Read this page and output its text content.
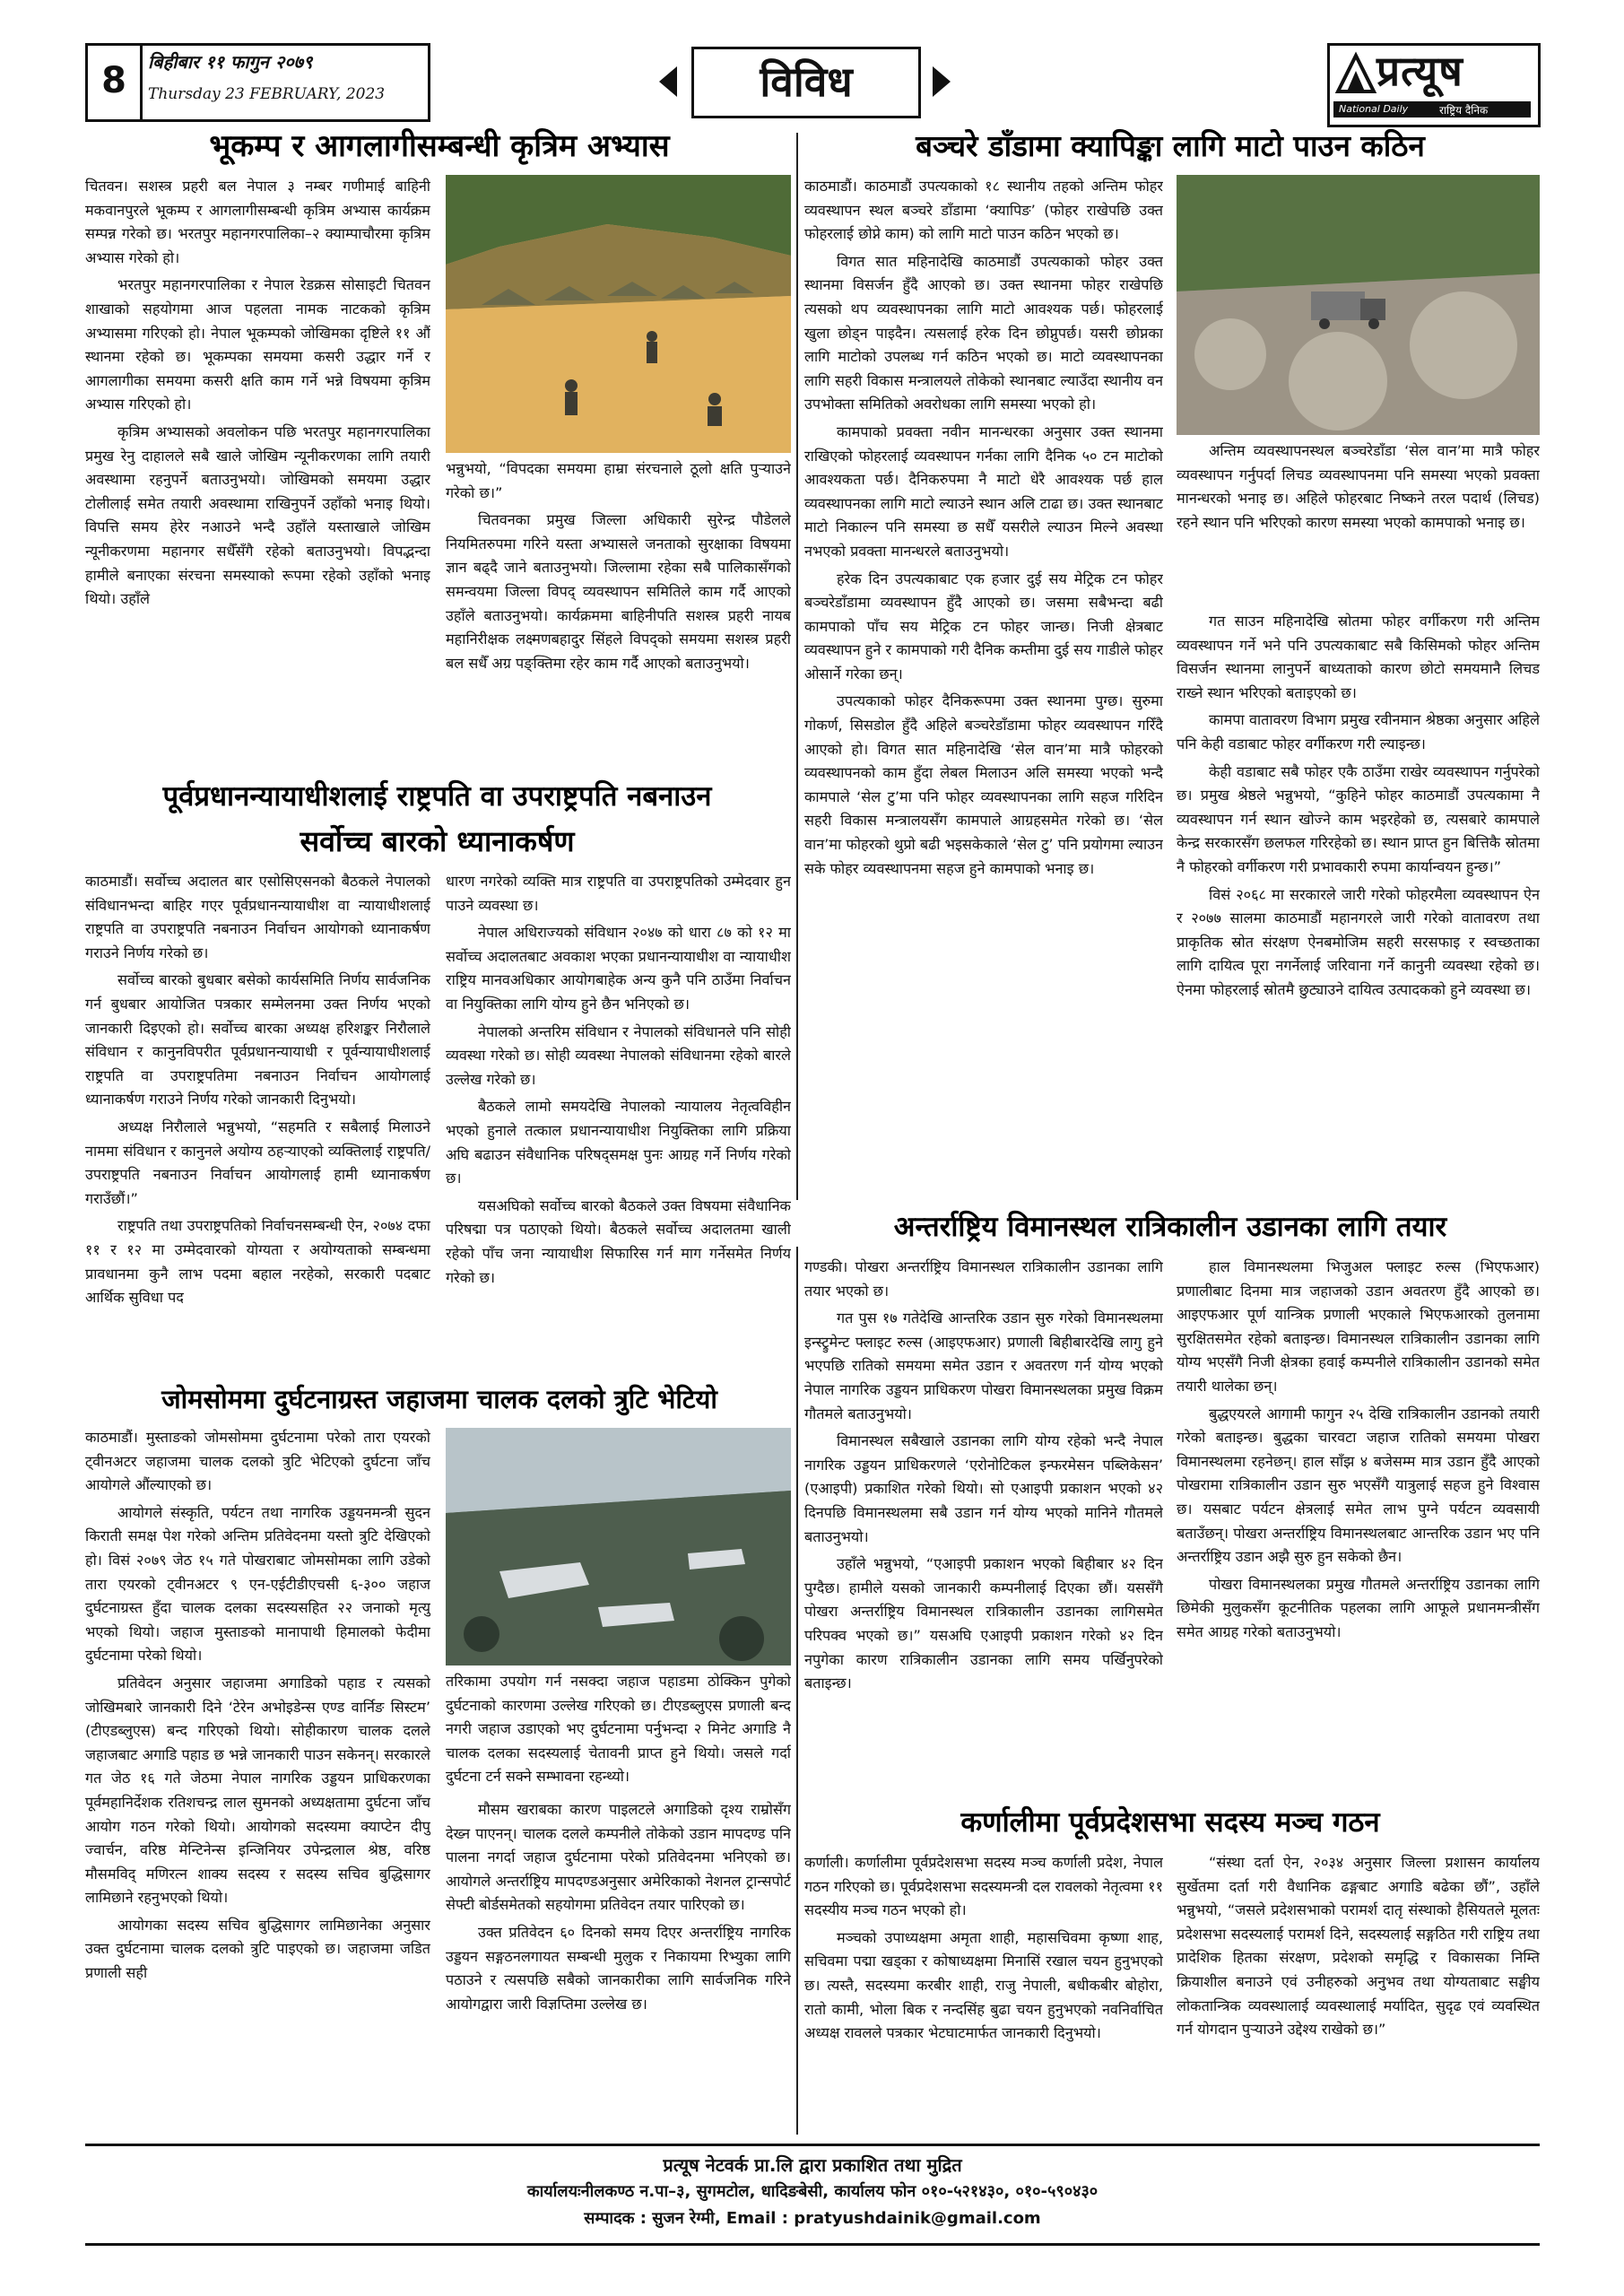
8	बिहीबार ११ फागुन २०७९
Thursday 23 FEBRUARY, 2023	विविध	प्रत्यूष
National Daily	राष्ट्रिय दैनिक
भूकम्प र आगलागीसम्बन्धी कृत्रिम अभ्यास

चितवन। सशस्त्र प्रहरी बल नेपाल ३ नम्बर गणीमाई बाहिनी मकवानपुरले भूकम्प र आगलागीसम्बन्धी कृत्रिम अभ्यास कार्यक्रम सम्पन्न गरेको छ। भरतपुर महानगरपालिका–२ क्याम्पाचौरमा कृत्रिम अभ्यास गरेको हो।

भरतपुर महानगरपालिका र नेपाल रेडक्रस सोसाइटी चितवन शाखाको सहयोगमा आज पहलता नामक नाटकको कृत्रिम अभ्यासमा गरिएको हो। नेपाल भूकम्पको जोखिमका दृष्टिले ११ औं स्थानमा रहेको छ। भूकम्पका समयमा कसरी उद्धार गर्ने र आगलागीका समयमा कसरी क्षति काम गर्ने भन्ने विषयमा कृत्रिम अभ्यास गरिएको हो।

कृत्रिम अभ्यासको अवलोकन पछि भरतपुर महानगरपालिका प्रमुख रेनु दाहालले सबै खाले जोखिम न्यूनीकरणका लागि तयारी अवस्थामा रहनुपर्ने बताउनुभयो। जोखिमको समयमा उद्धार टोलीलाई समेत तयारी अवस्थामा राखिनुपर्ने उहाँको भनाइ थियो। विपत्ति समय हेरेर नआउने भन्दै उहाँले यस्ताखाले जोखिम न्यूनीकरणमा महानगर सधैँसँगै रहेको बताउनुभयो। विपद्भन्दा हामीले बनाएका संरचना समस्याको रूपमा रहेको उहाँको भनाइ थियो। उहाँले

भन्नुभयो, “विपदका समयमा हाम्रा संरचनाले ठूलो क्षति पुऱ्याउने गरेको छ।”

चितवनका प्रमुख जिल्ला अधिकारी सुरेन्द्र पौडेलले नियमितरुपमा गरिने यस्ता अभ्यासले जनताको सुरक्षाका विषयमा ज्ञान बढ्दै जाने बताउनुभयो। जिल्लामा रहेका सबै पालिकासँगको समन्वयमा जिल्ला विपद् व्यवस्थापन समितिले काम गर्दै आएको उहाँले बताउनुभयो। कार्यक्रममा बाहिनीपति सशस्त्र प्रहरी नायब महानिरीक्षक लक्ष्मणबहादुर सिंहले विपद्को समयमा सशस्त्र प्रहरी बल सधैँ अग्र पङ्क्तिमा रहेर काम गर्दै आएको बताउनुभयो।

बञ्चरे डाँडामा क्यापिङ्का लागि माटो पाउन कठिन

काठमाडौं। काठमाडौं उपत्यकाको १८ स्थानीय तहको अन्तिम फोहर व्यवस्थापन स्थल बञ्चरे डाँडामा ‘क्यापिङ’ (फोहर राखेपछि उक्त फोहरलाई छोप्ने काम) को लागि माटो पाउन कठिन भएको छ।

विगत सात महिनादेखि काठमाडौं उपत्यकाको फोहर उक्त स्थानमा विसर्जन हुँदै आएको छ। उक्त स्थानमा फोहर राखेपछि त्यसको थप व्यवस्थापनका लागि माटो आवश्यक पर्छ। फोहरलाई खुला छोड्न पाइदैन। त्यसलाई हरेक दिन छोप्नुपर्छ। यसरी छोप्नका लागि माटोको उपलब्ध गर्न कठिन भएको छ। माटो व्यवस्थापनका लागि सहरी विकास मन्त्रालयले तोकेको स्थानबाट ल्याउँदा स्थानीय वन उपभोक्ता समितिको अवरोधका लागि समस्या भएको हो।

कामपाको प्रवक्ता नवीन मानन्धरका अनुसार उक्त स्थानमा राखिएको फोहरलाई व्यवस्थापन गर्नका लागि दैनिक ५० टन माटोको आवश्यकता पर्छ। दैनिकरुपमा नै माटो धेरै आवश्यक पर्छ हाल व्यवस्थापनका लागि माटो ल्याउने स्थान अलि टाढा छ। उक्त स्थानबाट माटो निकाल्न पनि समस्या छ सधैँ यसरीले ल्याउन मिल्ने अवस्था नभएको प्रवक्ता मानन्धरले बताउनुभयो।

हरेक दिन उपत्यकाबाट एक हजार दुई सय मेट्रिक टन फोहर बञ्चरेडाँडामा व्यवस्थापन हुँदै आएको छ। जसमा सबैभन्दा बढी कामपाको पाँच सय मेट्रिक टन फोहर जान्छ। निजी क्षेत्रबाट व्यवस्थापन हुने र कामपाको गरी दैनिक कम्तीमा दुई सय गाडीले फोहर ओसार्ने गरेका छन्।

उपत्यकाको फोहर दैनिकरूपमा उक्त स्थानमा पुग्छ। सुरुमा गोकर्ण, सिसडोल हुँदै अहिले बञ्चरेडाँडामा फोहर व्यवस्थापन गरिँदै आएको हो। विगत सात महिनादेखि ‘सेल वान’मा मात्रै फोहरको व्यवस्थापनको काम हुँदा लेबल मिलाउन अलि समस्या भएको भन्दै कामपाले ‘सेल टु’मा पनि फोहर व्यवस्थापनका लागि सहज गरिदिन सहरी विकास मन्त्रालयसँग कामपाले आग्रहसमेत गरेको छ। ‘सेल वान’मा फोहरको थुप्रो बढी भइसकेकाले ‘सेल टु’ पनि प्रयोगमा ल्याउन सके फोहर व्यवस्थापनमा सहज हुने कामपाको भनाइ छ।

अन्तिम व्यवस्थापनस्थल बञ्चरेडाँडा ‘सेल वान’मा मात्रै फोहर व्यवस्थापन गर्नुपर्दा लिचड व्यवस्थापनमा पनि समस्या भएको प्रवक्ता मानन्धरको भनाइ छ। अहिले फोहरबाट निष्कने तरल पदार्थ (लिचड) रहने स्थान पनि भरिएको कारण समस्या भएको कामपाको भनाइ छ।

गत साउन महिनादेखि स्रोतमा फोहर वर्गीकरण गरी अन्तिम व्यवस्थापन गर्ने भने पनि उपत्यकाबाट सबै किसिमको फोहर अन्तिम विसर्जन स्थानमा लानुपर्ने बाध्यताको कारण छोटो समयमानै लिचड राख्ने स्थान भरिएको बताइएको छ।

कामपा वातावरण विभाग प्रमुख रवीनमान श्रेष्ठका अनुसार अहिले पनि केही वडाबाट फोहर वर्गीकरण गरी ल्याइन्छ।

केही वडाबाट सबै फोहर एकै ठाउँमा राखेर व्यवस्थापन गर्नुपरेको छ। प्रमुख श्रेष्ठले भन्नुभयो, “कुहिने फोहर काठमाडौं उपत्यकामा नै व्यवस्थापन गर्न स्थान खोज्ने काम भइरहेको छ, त्यसबारे कामपाले केन्द्र सरकारसँग छलफल गरिरहेको छ। स्थान प्राप्त हुन बित्तिकै स्रोतमा नै फोहरको वर्गीकरण गरी प्रभावकारी रुपमा कार्यान्वयन हुन्छ।”

विसं २०६८ मा सरकारले जारी गरेको फोहरमैला व्यवस्थापन ऐन र २०७७ सालमा काठमाडौं महानगरले जारी गरेको वातावरण तथा प्राकृतिक स्रोत संरक्षण ऐनबमोजिम सहरी सरसफाइ र स्वच्छताका लागि दायित्व पूरा नगर्नेलाई जरिवाना गर्ने कानुनी व्यवस्था रहेको छ। ऐनमा फोहरलाई स्रोतमै छुट्याउने दायित्व उत्पादकको हुने व्यवस्था छ।

पूर्वप्रधानन्यायाधीशलाई राष्ट्रपति वा उपराष्ट्रपति नबनाउन
सर्वोच्च बारको ध्यानाकर्षण

काठमाडौं। सर्वोच्च अदालत बार एसोसिएसनको बैठकले नेपालको संविधानभन्दा बाहिर गएर पूर्वप्रधानन्यायाधीश वा न्यायाधीशलाई राष्ट्रपति वा उपराष्ट्रपति नबनाउन निर्वाचन आयोगको ध्यानाकर्षण गराउने निर्णय गरेको छ।

सर्वोच्च बारको बुधबार बसेको कार्यसमिति निर्णय सार्वजनिक गर्न बुधबार आयोजित पत्रकार सम्मेलनमा उक्त निर्णय भएको जानकारी दिइएको हो। सर्वोच्च बारका अध्यक्ष हरिशङ्कर निरौलाले संविधान र कानुनविपरीत पूर्वप्रधानन्यायाधी र पूर्वन्यायाधीशलाई राष्ट्रपति वा उपराष्ट्रपतिमा नबनाउन निर्वाचन आयोगलाई ध्यानाकर्षण गराउने निर्णय गरेको जानकारी दिनुभयो।

अध्यक्ष निरौलाले भन्नुभयो, “सहमति र सबैलाई मिलाउने नाममा संविधान र कानुनले अयोग्य ठहऱ्याएको व्यक्तिलाई राष्ट्रपति/उपराष्ट्रपति नबनाउन निर्वाचन आयोगलाई हामी ध्यानाकर्षण गराउँछौं।”

राष्ट्रपति तथा उपराष्ट्रपतिको निर्वाचनसम्बन्धी ऐन, २०७४ दफा ११ र १२ मा उम्मेदवारको योग्यता र अयोग्यताको सम्बन्धमा प्रावधानमा कुनै लाभ पदमा बहाल नरहेको, सरकारी पदबाट आर्थिक सुविधा पद

धारण नगरेको व्यक्ति मात्र राष्ट्रपति वा उपराष्ट्रपतिको उम्मेदवार हुन पाउने व्यवस्था छ।

नेपाल अधिराज्यको संविधान २०४७ को धारा ८७ को १२ मा सर्वोच्च अदालतबाट अवकाश भएका प्रधानन्यायाधीश वा न्यायाधीश राष्ट्रिय मानवअधिकार आयोगबाहेक अन्य कुनै पनि ठाउँमा निर्वाचन वा नियुक्तिका लागि योग्य हुने छैन भनिएको छ।

नेपालको अन्तरिम संविधान र नेपालको संविधानले पनि सोही व्यवस्था गरेको छ। सोही व्यवस्था नेपालको संविधानमा रहेको बारले उल्लेख गरेको छ।

बैठकले लामो समयदेखि नेपालको न्यायालय नेतृत्वविहीन भएको हुनाले तत्काल प्रधानन्यायाधीश नियुक्तिका लागि प्रक्रिया अघि बढाउन संवैधानिक परिषद्समक्ष पुनः आग्रह गर्ने निर्णय गरेको छ।

यसअघिको सर्वोच्च बारको बैठकले उक्त विषयमा संवैधानिक परिषद्मा पत्र पठाएको थियो। बैठकले सर्वोच्च अदालतमा खाली रहेको पाँच जना न्यायाधीश सिफारिस गर्न माग गर्नेसमेत निर्णय गरेको छ।

जोमसोममा दुर्घटनाग्रस्त जहाजमा चालक दलको त्रुटि भेटियो

काठमाडौं। मुस्ताङको जोमसोममा दुर्घटनामा परेको तारा एयरको ट्वीनअटर जहाजमा चालक दलको त्रुटि भेटिएको दुर्घटना जाँच आयोगले औंल्याएको छ।

आयोगले संस्कृति, पर्यटन तथा नागरिक उड्डयनमन्त्री सुदन किराती समक्ष पेश गरेको अन्तिम प्रतिवेदनमा यस्तो त्रुटि देखिएको हो। विसं २०७९ जेठ १५ गते पोखराबाट जोमसोमका लागि उडेको तारा एयरको ट्वीनअटर ९ एन-एईटीडीएचसी ६-३०० जहाज दुर्घटनाग्रस्त हुँदा चालक दलका सदस्यसहित २२ जनाको मृत्यु भएको थियो। जहाज मुस्ताङको मानापाथी हिमालको फेदीमा दुर्घटनामा परेको थियो।

प्रतिवेदन अनुसार जहाजमा अगाडिको पहाड र त्यसको जोखिमबारे जानकारी दिने ‘टेरेन अभोइडेन्स एण्ड वार्निङ सिस्टम’ (टीएडब्लुएस) बन्द गरिएको थियो। सोहीकारण चालक दलले जहाजबाट अगाडि पहाड छ भन्ने जानकारी पाउन सकेनन्। सरकारले गत जेठ १६ गते जेठमा नेपाल नागरिक उड्डयन प्राधिकरणका पूर्वमहानिर्देशक रतिशचन्द्र लाल सुमनको अध्यक्षतामा दुर्घटना जाँच आयोग गठन गरेको थियो। आयोगको सदस्यमा क्याप्टेन दीपु ज्वार्चन, वरिष्ठ मेन्टिनेन्स इन्जिनियर उपेन्द्रलाल श्रेष्ठ, वरिष्ठ मौसमविद् मणिरत्न शाक्य सदस्य र सदस्य सचिव बुद्धिसागर लामिछाने रहनुभएको थियो।

आयोगका सदस्य सचिव बुद्धिसागर लामिछानेका अनुसार उक्त दुर्घटनामा चालक दलको त्रुटि पाइएको छ। जहाजमा जडित प्रणाली सही

तरिकामा उपयोग गर्न नसक्दा जहाज पहाडमा ठोक्किन पुगेको दुर्घटनाको कारणमा उल्लेख गरिएको छ। टीएडब्लुएस प्रणाली बन्द नगरी जहाज उडाएको भए दुर्घटनामा पर्नुभन्दा २ मिनेट अगाडि नै चालक दलका सदस्यलाई चेतावनी प्राप्त हुने थियो। जसले गर्दा दुर्घटना टर्न सक्ने सम्भावना रहन्थ्यो।

मौसम खराबका कारण पाइलटले अगाडिको दृश्य राम्रोसँग देख्न पाएनन्। चालक दलले कम्पनीले तोकेको उडान मापदण्ड पनि पालना नगर्दा जहाज दुर्घटनामा परेको प्रतिवेदनमा भनिएको छ। आयोगले अन्तर्राष्ट्रिय मापदण्डअनुसार अमेरिकाको नेशनल ट्रान्सपोर्ट सेफ्टी बोर्डसमेतको सहयोगमा प्रतिवेदन तयार पारिएको छ।

उक्त प्रतिवेदन ६० दिनको समय दिएर अन्तर्राष्ट्रिय नागरिक उड्डयन सङ्गठनलगायत सम्बन्धी मुलुक र निकायमा रिभ्युका लागि पठाउने र त्यसपछि सबैको जानकारीका लागि सार्वजनिक गरिने आयोगद्वारा जारी विज्ञप्तिमा उल्लेख छ।

अन्तर्राष्ट्रिय विमानस्थल रात्रिकालीन उडानका लागि तयार

गण्डकी। पोखरा अन्तर्राष्ट्रिय विमानस्थल रात्रिकालीन उडानका लागि तयार भएको छ।

गत पुस १७ गतेदेखि आन्तरिक उडान सुरु गरेको विमानस्थलमा इन्स्ट्रुमेन्ट फ्लाइट रुल्स (आइएफआर) प्रणाली बिहीबारदेखि लागु हुने भएपछि रातिको समयमा समेत उडान र अवतरण गर्न योग्य भएको नेपाल नागरिक उड्डयन प्राधिकरण पोखरा विमानस्थलका प्रमुख विक्रम गौतमले बताउनुभयो।

विमानस्थल सबैखाले उडानका लागि योग्य रहेको भन्दै नेपाल नागरिक उड्डयन प्राधिकरणले ‘एरोनोटिकल इन्फरमेसन पब्लिकेसन’ (एआइपी) प्रकाशित गरेको थियो। सो एआइपी प्रकाशन भएको ४२ दिनपछि विमानस्थलमा सबै उडान गर्न योग्य भएको मानिने गौतमले बताउनुभयो।

उहाँले भन्नुभयो, “एआइपी प्रकाशन भएको बिहीबार ४२ दिन पुग्दैछ। हामीले यसको जानकारी कम्पनीलाई दिएका छौं। यससँगै पोखरा अन्तर्राष्ट्रिय विमानस्थल रात्रिकालीन उडानका लागिसमेत परिपक्व भएको छ।” यसअघि एआइपी प्रकाशन गरेको ४२ दिन नपुगेका कारण रात्रिकालीन उडानका लागि समय पर्खिनुपरेको बताइन्छ।

हाल विमानस्थलमा भिजुअल फ्लाइट रुल्स (भिएफआर) प्रणालीबाट दिनमा मात्र जहाजको उडान अवतरण हुँदै आएको छ। आइएफआर पूर्ण यान्त्रिक प्रणाली भएकाले भिएफआरको तुलनामा सुरक्षितसमेत रहेको बताइन्छ। विमानस्थल रात्रिकालीन उडानका लागि योग्य भएसँगै निजी क्षेत्रका हवाई कम्पनीले रात्रिकालीन उडानको समेत तयारी थालेका छन्।

बुद्धएयरले आगामी फागुन २५ देखि रात्रिकालीन उडानको तयारी गरेको बताइन्छ। बुद्धका चारवटा जहाज रातिको समयमा पोखरा विमानस्थलमा रहनेछन्। हाल साँझ ४ बजेसम्म मात्र उडान हुँदै आएको पोखरामा रात्रिकालीन उडान सुरु भएसँगै यात्रुलाई सहज हुने विश्वास छ। यसबाट पर्यटन क्षेत्रलाई समेत लाभ पुग्ने पर्यटन व्यवसायी बताउँछन्। पोखरा अन्तर्राष्ट्रिय विमानस्थलबाट आन्तरिक उडान भए पनि अन्तर्राष्ट्रिय उडान अझै सुरु हुन सकेको छैन।

पोखरा विमानस्थलका प्रमुख गौतमले अन्तर्राष्ट्रिय उडानका लागि छिमेकी मुलुकसँग कूटनीतिक पहलका लागि आफूले प्रधानमन्त्रीसँग समेत आग्रह गरेको बताउनुभयो।

कर्णालीमा पूर्वप्रदेशसभा सदस्य मञ्च गठन

कर्णाली। कर्णालीमा पूर्वप्रदेशसभा सदस्य मञ्च कर्णाली प्रदेश, नेपाल गठन गरिएको छ। पूर्वप्रदेशसभा सदस्यमन्त्री दल रावलको नेतृत्वमा ११ सदस्यीय मञ्च गठन भएको हो।

मञ्चको उपाध्यक्षमा अमृता शाही, महासचिवमा कृष्णा शाह, सचिवमा पद्मा खड्का र कोषाध्यक्षमा मिनासिं रखाल चयन हुनुभएको छ। त्यस्तै, सदस्यमा करबीर शाही, राजु नेपाली, बधीकबीर बोहोरा, रातो कामी, भोला बिक र नन्दसिंह बुढा चयन हुनुभएको नवनिर्वाचित अध्यक्ष रावलले पत्रकार भेटघाटमार्फत जानकारी दिनुभयो।

“संस्था दर्ता ऐन, २०३४ अनुसार जिल्ला प्रशासन कार्यालय सुर्खेतमा दर्ता गरी वैधानिक ढङ्गबाट अगाडि बढेका छौं”, उहाँले भन्नुभयो, “जसले प्रदेशसभाको परामर्श दातृ संस्थाको हैसियतले मूलतः प्रदेशसभा सदस्यलाई परामर्श दिने, सदस्यलाई सङ्गठित गरी राष्ट्रिय तथा प्रादेशिक हितका संरक्षण, प्रदेशको समृद्धि र विकासका निम्ति क्रियाशील बनाउने एवं उनीहरुको अनुभव तथा योग्यताबाट सङ्घीय लोकतान्त्रिक व्यवस्थालाई व्यवस्थालाई मर्यादित, सुदृढ एवं व्यवस्थित गर्न योगदान पुऱ्याउने उद्देश्य राखेको छ।”

प्रत्यूष नेटवर्क प्रा.लि द्वारा प्रकाशित तथा मुद्रित
कार्यालयःनीलकण्ठ न.पा–३, सुगमटोल, धादिङबेसी, कार्यालय फोन ०१०-५२१४३०, ०१०-५९०४३०
सम्पादक : सुजन रेग्मी, Email : pratyushdainik@gmail.com
